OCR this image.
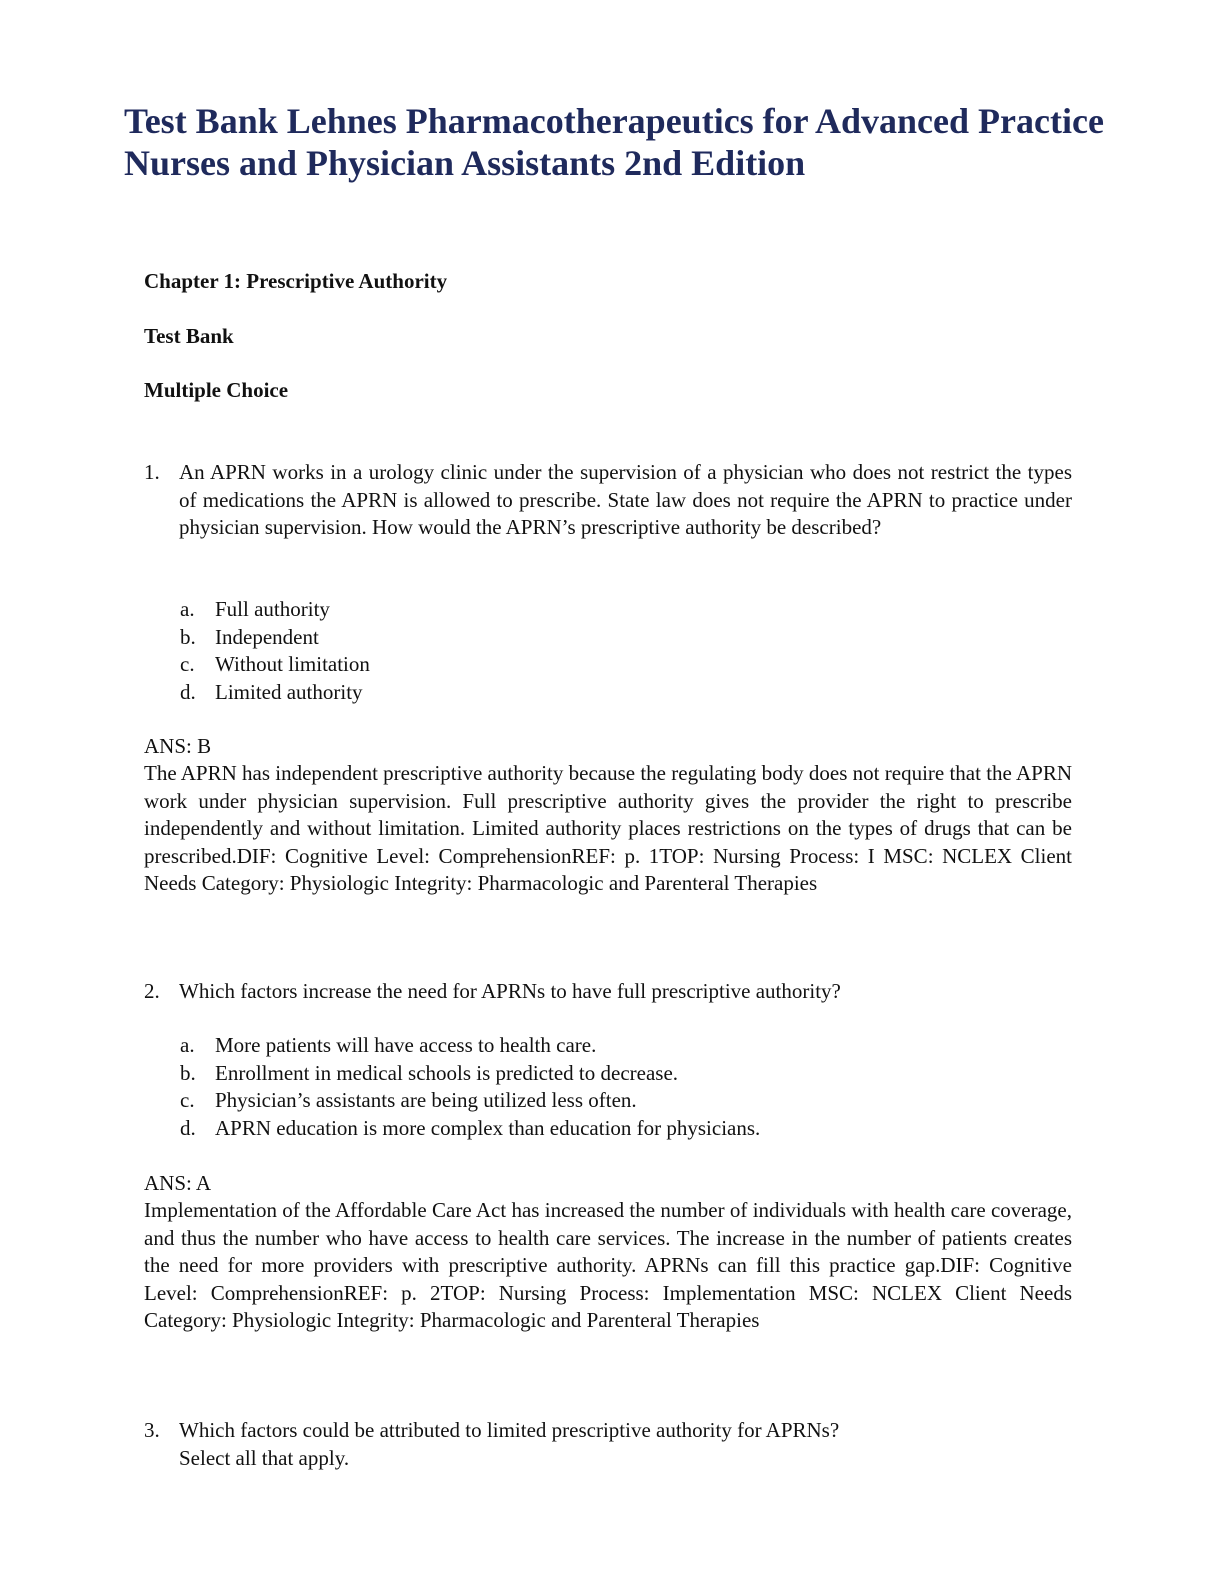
Test Bank Lehnes Pharmacotherapeutics for Advanced Practice Nurses and Physician Assistants 2nd Edition
Chapter 1: Prescriptive Authority
Test Bank
Multiple Choice
1. An APRN works in a urology clinic under the supervision of a physician who does not restrict the types of medications the APRN is allowed to prescribe. State law does not require the APRN to practice under physician supervision. How would the APRN’s prescriptive authority be described?
a. Full authority
b. Independent
c. Without limitation
d. Limited authority
ANS: B
The APRN has independent prescriptive authority because the regulating body does not require that the APRN work under physician supervision. Full prescriptive authority gives the provider the right to prescribe independently and without limitation. Limited authority places restrictions on the types of drugs that can be prescribed.DIF: Cognitive Level: ComprehensionREF: p. 1TOP: Nursing Process: I MSC: NCLEX Client Needs Category: Physiologic Integrity: Pharmacologic and Parenteral Therapies
2. Which factors increase the need for APRNs to have full prescriptive authority?
a. More patients will have access to health care.
b. Enrollment in medical schools is predicted to decrease.
c. Physician’s assistants are being utilized less often.
d. APRN education is more complex than education for physicians.
ANS: A
Implementation of the Affordable Care Act has increased the number of individuals with health care coverage, and thus the number who have access to health care services. The increase in the number of patients creates the need for more providers with prescriptive authority. APRNs can fill this practice gap.DIF: Cognitive Level: ComprehensionREF: p. 2TOP: Nursing Process: Implementation MSC: NCLEX Client Needs Category: Physiologic Integrity: Pharmacologic and Parenteral Therapies
3. Which factors could be attributed to limited prescriptive authority for APRNs?
Select all that apply.
